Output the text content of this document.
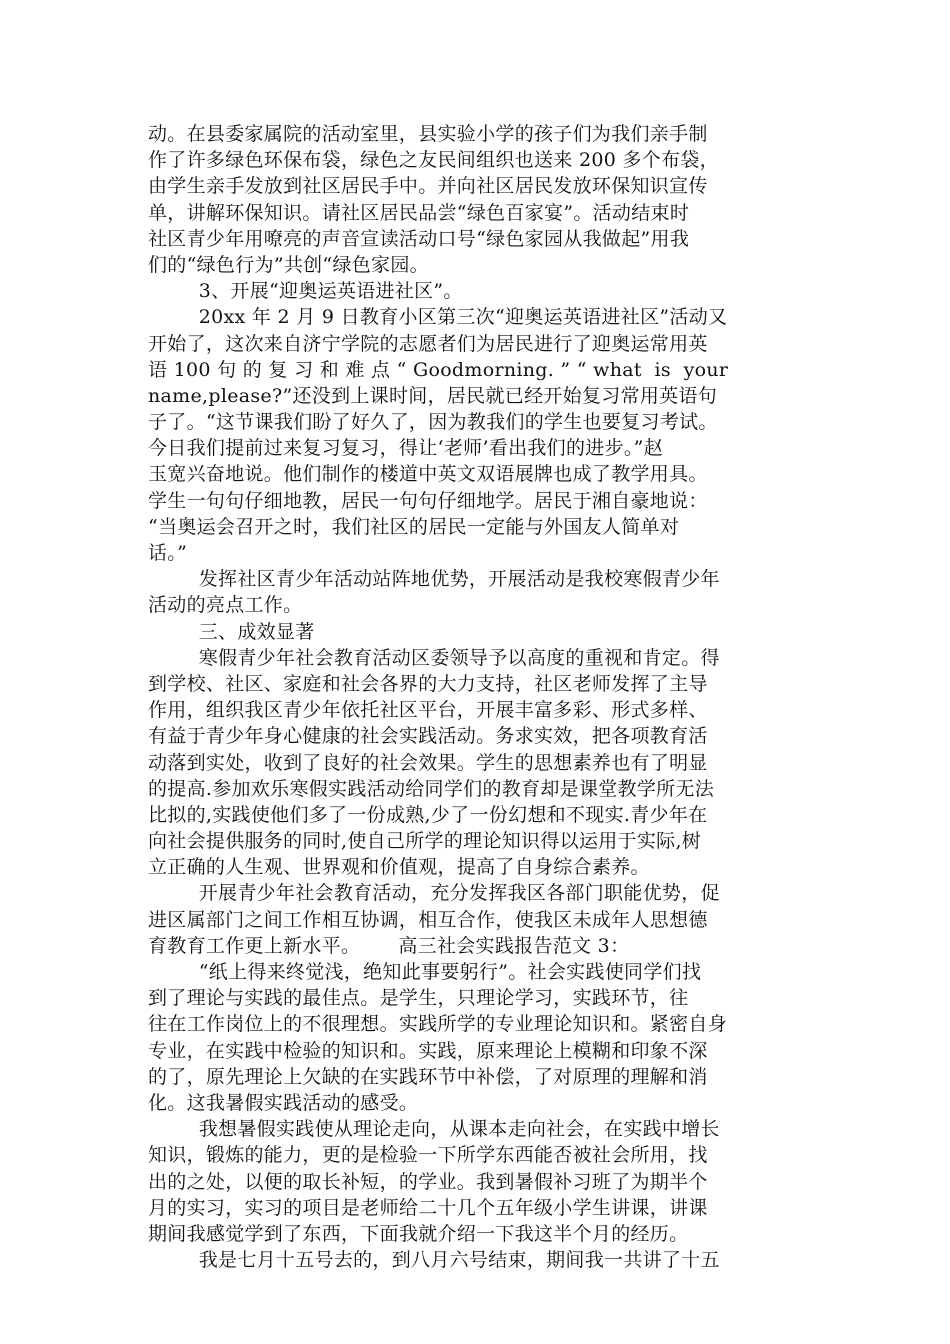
动。在县委家属院的活动室里，县实验小学的孩子们为我们亲手制
作了许多绿色环保布袋，绿色之友民间组织也送来 200 多个布袋，
由学生亲手发放到社区居民手中。并向社区居民发放环保知识宣传
单，讲解环保知识。请社区居民品尝“绿色百家宴”。活动结束时
社区青少年用嘹亮的声音宣读活动口号“绿色家园从我做起”用我
们的“绿色行为”共创“绿色家园。
3、开展“迎奥运英语进社区”。
20xx 年 2 月 9 日教育小区第三次“迎奥运英语进社区”活动又
开始了，这次来自济宁学院的志愿者们为居民进行了迎奥运常用英
语 100 句 的 复 习 和 难 点 “ Goodmorning. ” “ what  is  your
name,please?”还没到上课时间，居民就已经开始复习常用英语句
子了。“这节课我们盼了好久了，因为教我们的学生也要复习考试。
今日我们提前过来复习复习，得让‘老师’看出我们的进步。”赵
玉宽兴奋地说。他们制作的楼道中英文双语展牌也成了教学用具。
学生一句句仔细地教，居民一句句仔细地学。居民于湘自豪地说：
“当奥运会召开之时，我们社区的居民一定能与外国友人简单对
话。”
发挥社区青少年活动站阵地优势，开展活动是我校寒假青少年
活动的亮点工作。
三、成效显著
寒假青少年社会教育活动区委领导予以高度的重视和肯定。得
到学校、社区、家庭和社会各界的大力支持，社区老师发挥了主导
作用，组织我区青少年依托社区平台，开展丰富多彩、形式多样、
有益于青少年身心健康的社会实践活动。务求实效，把各项教育活
动落到实处，收到了良好的社会效果。学生的思想素养也有了明显
的提高.参加欢乐寒假实践活动给同学们的教育却是课堂教学所无法
比拟的,实践使他们多了一份成熟,少了一份幻想和不现实.青少年在
向社会提供服务的同时,使自己所学的理论知识得以运用于实际,树
立正确的人生观、世界观和价值观，提高了自身综合素养。
开展青少年社会教育活动，充分发挥我区各部门职能优势，促
进区属部门之间工作相互协调，相互合作，使我区未成年人思想德
育教育工作更上新水平。      高三社会实践报告范文 3：
“纸上得来终觉浅，绝知此事要躬行”。社会实践使同学们找
到了理论与实践的最佳点。是学生，只理论学习，实践环节，往
往在工作岗位上的不很理想。实践所学的专业理论知识和。紧密自身
专业，在实践中检验的知识和。实践，原来理论上模糊和印象不深
的了，原先理论上欠缺的在实践环节中补偿，了对原理的理解和消
化。这我暑假实践活动的感受。
我想暑假实践使从理论走向，从课本走向社会，在实践中增长
知识，锻炼的能力，更的是检验一下所学东西能否被社会所用，找
出的之处，以便的取长补短，的学业。我到暑假补习班了为期半个
月的实习，实习的项目是老师给二十几个五年级小学生讲课，讲课
期间我感觉学到了东西，下面我就介绍一下我这半个月的经历。
我是七月十五号去的，到八月六号结束，期间我一共讲了十五
